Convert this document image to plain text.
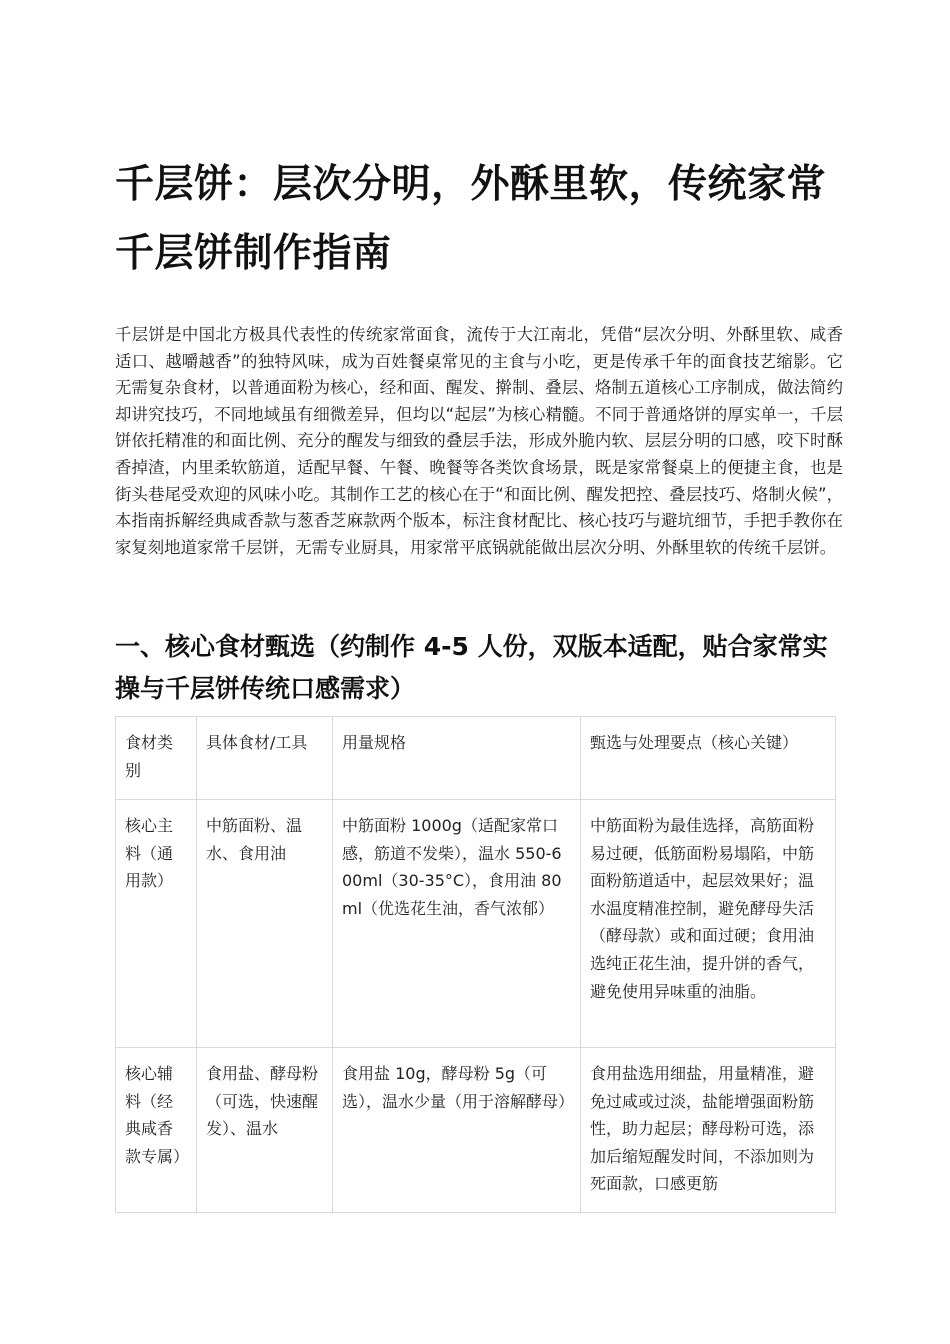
千层饼：层次分明，外酥里软，传统家常千层饼制作指南

千层饼是中国北方极具代表性的传统家常面食，流传于大江南北，凭借“层次分明、外酥里软、咸香适口、越嚼越香”的独特风味，成为百姓餐桌常见的主食与小吃，更是传承千年的面食技艺缩影。它无需复杂食材，以普通面粉为核心，经和面、醒发、擀制、叠层、烙制五道核心工序制成，做法简约却讲究技巧，不同地域虽有细微差异，但均以“起层”为核心精髓。不同于普通烙饼的厚实单一，千层饼依托精准的和面比例、充分的醒发与细致的叠层手法，形成外脆内软、层层分明的口感，咬下时酥香掉渣，内里柔软筋道，适配早餐、午餐、晚餐等各类饮食场景，既是家常餐桌上的便捷主食，也是街头巷尾受欢迎的风味小吃。其制作工艺的核心在于“和面比例、醒发把控、叠层技巧、烙制火候”，本指南拆解经典咸香款与葱香芝麻款两个版本，标注食材配比、核心技巧与避坑细节，手把手教你在家复刻地道家常千层饼，无需专业厨具，用家常平底锅就能做出层次分明、外酥里软的传统千层饼。

一、核心食材甄选（约制作 4-5 人份，双版本适配，贴合家常实操与千层饼传统口感需求）
食材类别	具体食材/工具	用量规格	甄选与处理要点（核心关键）
核心主料（通用款）	中筋面粉、温水、食用油	中筋面粉 1000g（适配家常口感，筋道不发柴），温水 550-600ml（30-35°C），食用油 80ml（优选花生油，香气浓郁）	中筋面粉为最佳选择，高筋面粉易过硬，低筋面粉易塌陷，中筋面粉筋道适中，起层效果好；温水温度精准控制，避免酵母失活（酵母款）或和面过硬；食用油选纯正花生油，提升饼的香气，避免使用异味重的油脂。
核心辅料（经典咸香款专属）	食用盐、酵母粉（可选，快速醒发）、温水	食用盐 10g，酵母粉 5g（可选），温水少量（用于溶解酵母）	食用盐选用细盐，用量精准，避免过咸或过淡，盐能增强面粉筋性，助力起层；酵母粉可选，添加后缩短醒发时间，不添加则为死面款，口感更筋
